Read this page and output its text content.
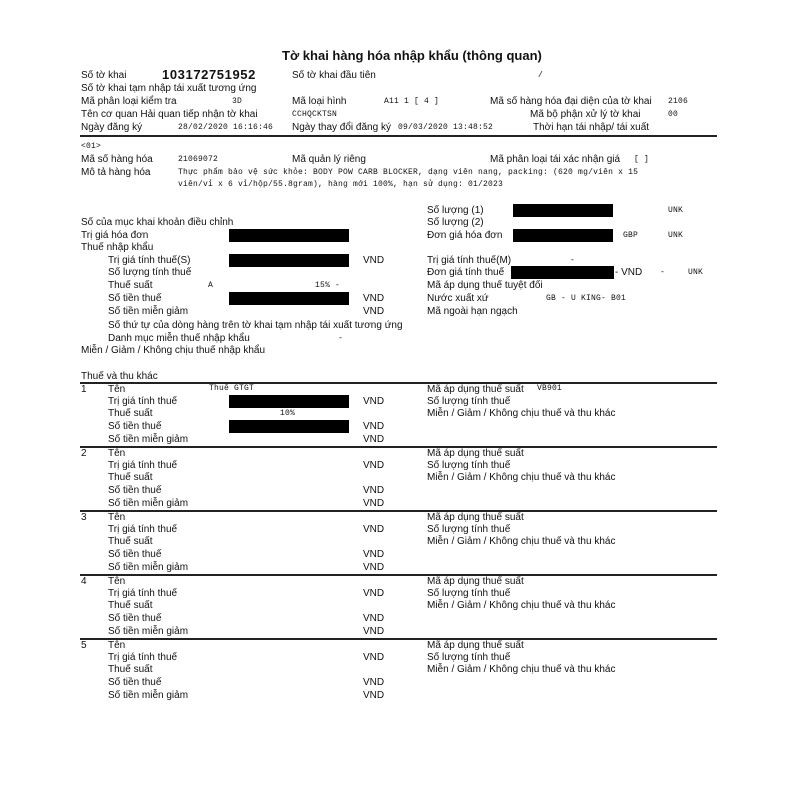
Tờ khai hàng hóa nhập khẩu (thông quan)
Số tờ khai	103172751952	Số tờ khai đầu tiên	/
Số tờ khai tạm nhập tái xuất tương ứng
Mã phân loại kiểm tra	3D	Mã loại hình	A11 1 [ 4 ]	Mã số hàng hóa đại diện của tờ khai 2106
Tên cơ quan Hải quan tiếp nhận tờ khai	CCHQCKTSN	Mã bộ phận xử lý tờ khai	00
Ngày đăng ký	28/02/2020 16:16:46 Ngày thay đổi đăng ký 09/03/2020 13:48:52	Thời hạn tái nhập/ tái xuất
<01>
Mã số hàng hóa	21069072	Mã quản lý riêng	Mã phân loại tái xác nhận giá [ ]
Mô tả hàng hóa	Thực phẩm bảo vệ sức khỏe: BODY POW CARB BLOCKER, dạng viên nang, packing: (620 mg/viên x 15
viên/vỉ x 6 vỉ/hộp/55.8gram), hàng mới 100%, hạn sử dụng: 01/2023
Số lượng (1)	UNK
Số của mục khai khoản điều chỉnh	Số lượng (2)
Trị giá hóa đơn	Đơn giá hóa đơn	GBP	UNK
Thuế nhập khẩu
Trị giá tính thuế(S)	VND	Trị giá tính thuế(M)	-
Số lượng tính thuế	Đơn giá tính thuế	- VND -	UNK
Thuế suất	A	15% -	Mã áp dụng thuế tuyệt đối
Số tiền thuế	VND	Nước xuất xứ	GB - U KING- B01
Số tiền miễn giảm	VND	Mã ngoài hạn ngạch
Số thứ tự của dòng hàng trên tờ khai tạm nhập tái xuất tương ứng
Danh mục miễn thuế nhập khẩu	-
Miễn / Giảm / Không chịu thuế nhập khẩu
Thuế và thu khác
1 Tên	Thuế GTGT	Mã áp dụng thuế suất VB901
Trị giá tính thuế	VND	Số lượng tính thuế
Thuế suất	10%	Miễn / Giảm / Không chịu thuế và thu khác
Số tiền thuế	VND
Số tiền miễn giảm	VND
2 Tên	Mã áp dụng thuế suất
Trị giá tính thuế	VND	Số lượng tính thuế
Thuế suất	Miễn / Giảm / Không chịu thuế và thu khác
Số tiền thuế	VND
Số tiền miễn giảm	VND
3 Tên	Mã áp dụng thuế suất
Trị giá tính thuế	VND	Số lượng tính thuế
Thuế suất	Miễn / Giảm / Không chịu thuế và thu khác
Số tiền thuế	VND
Số tiền miễn giảm	VND
4 Tên	Mã áp dụng thuế suất
Trị giá tính thuế	VND	Số lượng tính thuế
Thuế suất	Miễn / Giảm / Không chịu thuế và thu khác
Số tiền thuế	VND
Số tiền miễn giảm	VND
5 Tên	Mã áp dụng thuế suất
Trị giá tính thuế	VND	Số lượng tính thuế
Thuế suất	Miễn / Giảm / Không chịu thuế và thu khác
Số tiền thuế	VND
Số tiền miễn giảm	VND
